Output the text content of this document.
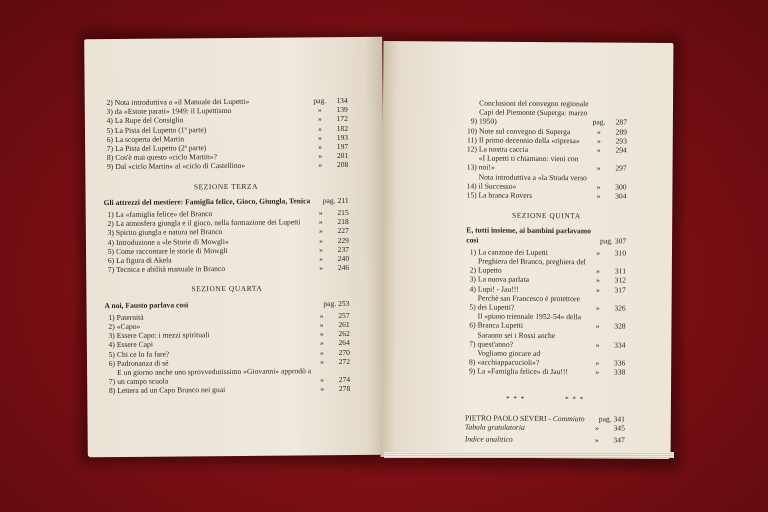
2) Nota introduttiva a «il Manuale dei Lupetti»	pag.	134
3) da «Estote parati» 1949: il Lupettismo	»	139
4) La Rupe del Consiglio	»	172
5) La Pista del Lupetto (1ª parte)	»	182
6) La scoperta del Martin	»	193
7) La Pista del Lupetto (2ª parte)	»	197
8) Cos'è mai questo «ciclo Martin»?	»	201
9) Dal «ciclo Martin» al «ciclo di Castellino»	»	208
SEZIONE TERZA
Gli attrezzi del mestiere: Famiglia felice, Gioco, Giungla, Tenica	pag. 211
1) La «famiglia felice» del Branco	»	215
2) La atmosfera giungla e il gioco, nella formazione dei Lupetti	»	218
3) Spirito giungla e natura nel Branco	»	227
4) Introduzione a «le Storie di Mowgli»	»	229
5) Come raccontare le storie di Mowgli	»	237
6) La figura di Akela	»	240
7) Tecnica e abilità manuale in Branco	»	246
SEZIONE QUARTA
A noi, Fausto parlava così	pag. 253
1) Paternità	»	257
2) «Capo»	»	261
3) Essere Capo: i mezzi spirituali	»	262
4) Essere Capi	»	264
5) Chi ce lo fa fare?	»	270
6) Padronanza di sé	»	272
7)
E un giorno anche uno sprovvedutissimo «Giovanni» approdò a un campo scuola	»	274
8) Lettera ad un Capo Branco nei guai	»	278
9)
Conclusioni del convegno regionale Capi del Piemonte (Superga: marzo 1950)	pag.	287
10) Note sul convegno di Superga	»	289
11) Il primo decennio della «ripresa»	»	293
12) La nostra caccia	»	294
13)
«I Lupetti ti chiamano: vieni con noi!»	»	297
14)
Nota introduttiva a «la Strada verso il Successo»	»	300
15) La branca Rovers	»	304
SEZIONE QUINTA
E, tutti insieme, ai bambini parlavamo così	pag. 307
1) La canzone dei Lupetti	»	310
2)
Preghiera del Branco, preghiera del Lupetto	»	311
3) La nuova parlata	»	312
4) Lupi! - Jau!!!	»	317
5)
Perchè san Francesco è protettore dei Lupetti?	»	326
6)
Il «piano triennale 1952-54» della Branca Lupetti	»	328
7)
Saranno sei i Rossi anche quest'anno?	»	334
8)
Vogliamo giocare ad «acchiappacucioli»?	»	336
9) La «Famiglia felice» di Jau!!!	»	338
* * *	* * *
PIETRO PAOLO SEVERI - Commiato	pag. 341
Tabula gratulatoria	»	345
Indice analitico	»	347
